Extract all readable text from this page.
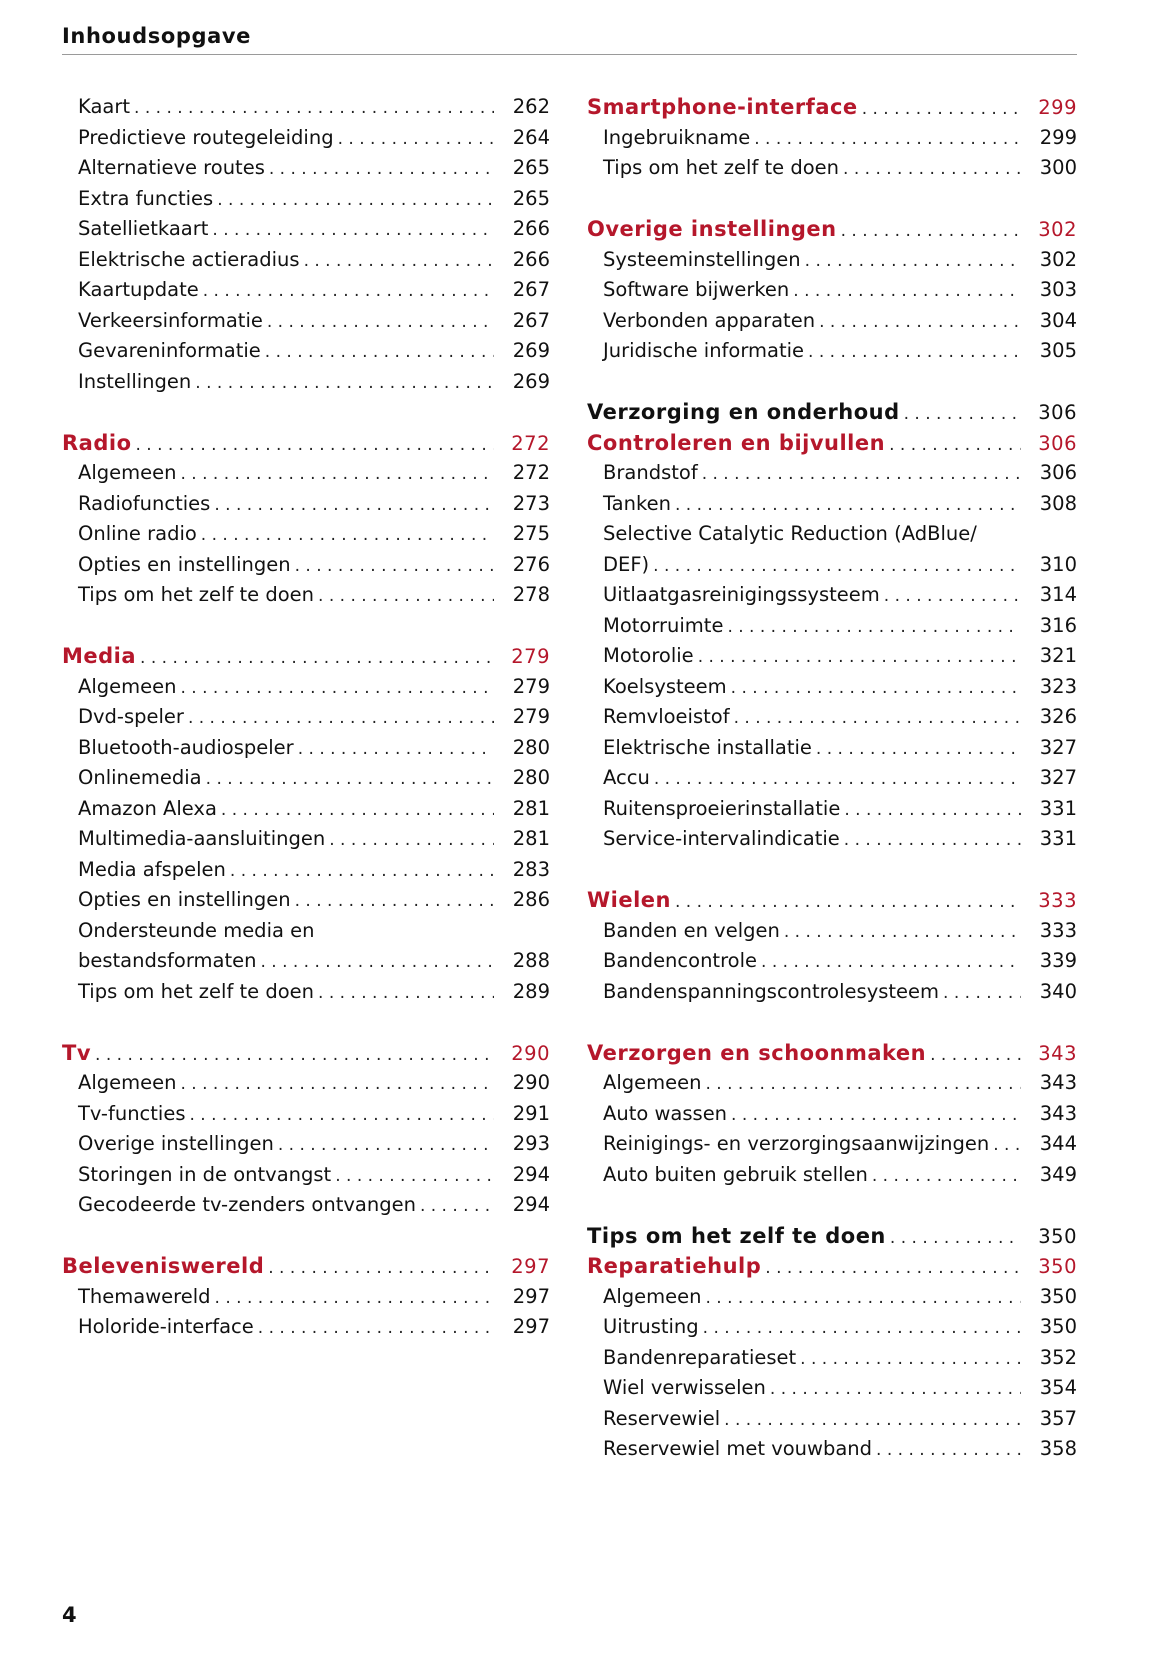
Inhoudsopgave
Kaart . . .	262
Predictieve routegeleiding . . .	264
Alternatieve routes . . .	265
Extra functies . . .	265
Satellietkaart . . .	266
Elektrische actieradius . . .	266
Kaartupdate . . .	267
Verkeersinformatie . . .	267
Gevareninformatie . . .	269
Instellingen . . .	269
Radio . . .	272
Algemeen . . .	272
Radiofuncties . . .	273
Online radio . . .	275
Opties en instellingen . . .	276
Tips om het zelf te doen . . .	278
Media . . .	279
Algemeen . . .	279
Dvd-speler . . .	279
Bluetooth-audiospeler . . .	280
Onlinemedia . . .	280
Amazon Alexa . . .	281
Multimedia-aansluitingen . . .	281
Media afspelen . . .	283
Opties en instellingen . . .	286
Ondersteunde media en
bestandsformaten . . .	288
Tips om het zelf te doen . . .	289
Tv . . .	290
Algemeen . . .	290
Tv-functies . . .	291
Overige instellingen . . .	293
Storingen in de ontvangst . . .	294
Gecodeerde tv-zenders ontvangen . . .	294
Beleveniswereld . . .	297
Themawereld . . .	297
Holoride-interface . . .	297
Smartphone-interface . . .	299
Ingebruikname . . .	299
Tips om het zelf te doen . . .	300
Overige instellingen . . .	302
Systeeminstellingen . . .	302
Software bijwerken . . .	303
Verbonden apparaten . . .	304
Juridische informatie . . .	305
Verzorging en onderhoud . . .	306
Controleren en bijvullen . . .	306
Brandstof . . .	306
Tanken . . .	308
Selective Catalytic Reduction (AdBlue/
DEF) . . .	310
Uitlaatgasreinigingssysteem . . .	314
Motorruimte . . .	316
Motorolie . . .	321
Koelsysteem . . .	323
Remvloeistof . . .	326
Elektrische installatie . . .	327
Accu . . .	327
Ruitensproeierinstallatie . . .	331
Service-intervalindicatie . . .	331
Wielen . . .	333
Banden en velgen . . .	333
Bandencontrole . . .	339
Bandenspanningscontrolesysteem . . .	340
Verzorgen en schoonmaken . . .	343
Algemeen . . .	343
Auto wassen . . .	343
Reinigings- en verzorgingsaanwijzingen . . .	344
Auto buiten gebruik stellen . . .	349
Tips om het zelf te doen . . .	350
Reparatiehulp . . .	350
Algemeen . . .	350
Uitrusting . . .	350
Bandenreparatieset . . .	352
Wiel verwisselen . . .	354
Reservewiel . . .	357
Reservewiel met vouwband . . .	358
4
